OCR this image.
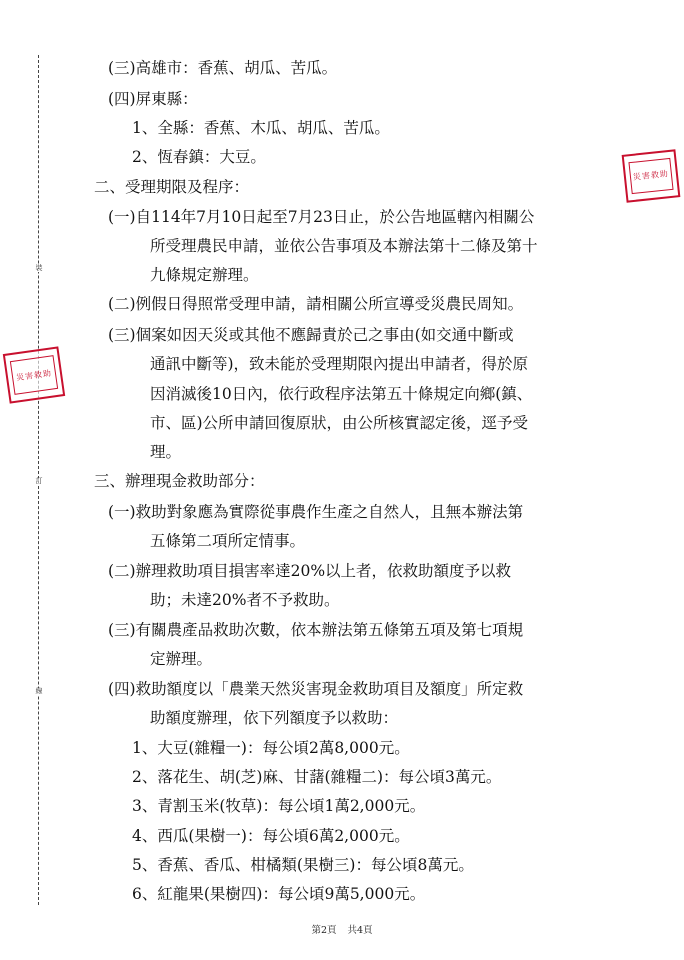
裝
訂
線
災害救助
災害救助
(三)高雄市：香蕉、胡瓜、苦瓜。
(四)屏東縣：
1、全縣：香蕉、木瓜、胡瓜、苦瓜。
2、恆春鎮：大豆。
二、受理期限及程序：
(一)自114年7月10日起至7月23日止，於公告地區轄內相關公
所受理農民申請，並依公告事項及本辦法第十二條及第十
九條規定辦理。
(二)例假日得照常受理申請，請相關公所宣導受災農民周知。
(三)個案如因天災或其他不應歸責於己之事由(如交通中斷或
通訊中斷等)，致未能於受理期限內提出申請者，得於原
因消滅後10日內，依行政程序法第五十條規定向鄉(鎮、
市、區)公所申請回復原狀，由公所核實認定後，逕予受
理。
三、辦理現金救助部分：
(一)救助對象應為實際從事農作生產之自然人，且無本辦法第
五條第二項所定情事。
(二)辦理救助項目損害率達20%以上者，依救助額度予以救
助；未達20%者不予救助。
(三)有關農產品救助次數，依本辦法第五條第五項及第七項規
定辦理。
(四)救助額度以「農業天然災害現金救助項目及額度」所定救
助額度辦理，依下列額度予以救助：
1、大豆(雜糧一)：每公頃2萬8,000元。
2、落花生、胡(芝)麻、甘藷(雜糧二)：每公頃3萬元。
3、青割玉米(牧草)：每公頃1萬2,000元。
4、西瓜(果樹一)：每公頃6萬2,000元。
5、香蕉、香瓜、柑橘類(果樹三)：每公頃8萬元。
6、紅龍果(果樹四)：每公頃9萬5,000元。
第2頁 共4頁
